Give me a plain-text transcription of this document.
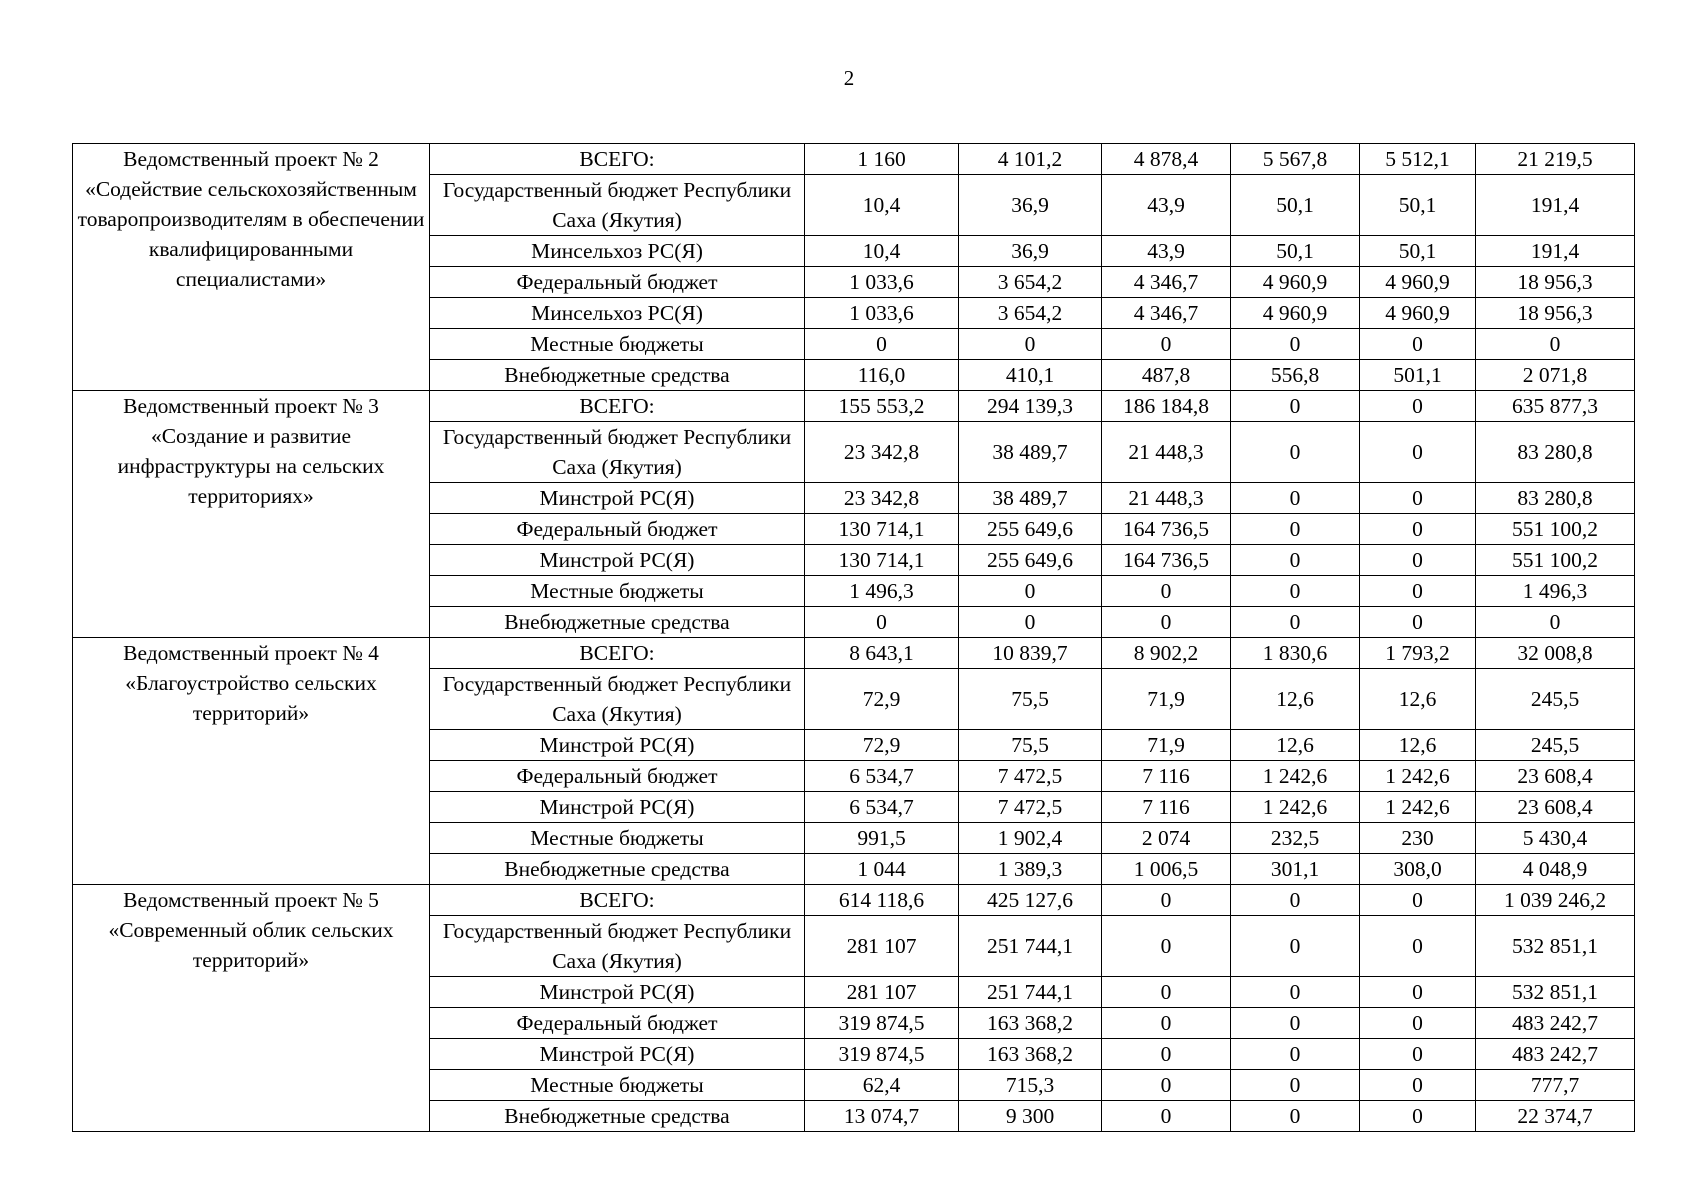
2
Ведомственный проект № 2 «Содействие сельскохозяйственным товаропроизводителям в обеспечении квалифицированными специалистами»	ВСЕГО:	1 160	4 101,2	4 878,4	5 567,8	5 512,1	21 219,5
	Государственный бюджет Республики Саха (Якутия)	10,4	36,9	43,9	50,1	50,1	191,4
	Минсельхоз РС(Я)	10,4	36,9	43,9	50,1	50,1	191,4
	Федеральный бюджет	1 033,6	3 654,2	4 346,7	4 960,9	4 960,9	18 956,3
	Минсельхоз РС(Я)	1 033,6	3 654,2	4 346,7	4 960,9	4 960,9	18 956,3
	Местные бюджеты	0	0	0	0	0	0
	Внебюджетные средства	116,0	410,1	487,8	556,8	501,1	2 071,8
Ведомственный проект № 3 «Создание и развитие инфраструктуры на сельских территориях»	ВСЕГО:	155 553,2	294 139,3	186 184,8	0	0	635 877,3
	Государственный бюджет Республики Саха (Якутия)	23 342,8	38 489,7	21 448,3	0	0	83 280,8
	Минстрой РС(Я)	23 342,8	38 489,7	21 448,3	0	0	83 280,8
	Федеральный бюджет	130 714,1	255 649,6	164 736,5	0	0	551 100,2
	Минстрой РС(Я)	130 714,1	255 649,6	164 736,5	0	0	551 100,2
	Местные бюджеты	1 496,3	0	0	0	0	1 496,3
	Внебюджетные средства	0	0	0	0	0	0
Ведомственный проект № 4 «Благоустройство сельских территорий»	ВСЕГО:	8 643,1	10 839,7	8 902,2	1 830,6	1 793,2	32 008,8
	Государственный бюджет Республики Саха (Якутия)	72,9	75,5	71,9	12,6	12,6	245,5
	Минстрой РС(Я)	72,9	75,5	71,9	12,6	12,6	245,5
	Федеральный бюджет	6 534,7	7 472,5	7 116	1 242,6	1 242,6	23 608,4
	Минстрой РС(Я)	6 534,7	7 472,5	7 116	1 242,6	1 242,6	23 608,4
	Местные бюджеты	991,5	1 902,4	2 074	232,5	230	5 430,4
	Внебюджетные средства	1 044	1 389,3	1 006,5	301,1	308,0	4 048,9
Ведомственный проект № 5 «Современный облик сельских территорий»	ВСЕГО:	614 118,6	425 127,6	0	0	0	1 039 246,2
	Государственный бюджет Республики Саха (Якутия)	281 107	251 744,1	0	0	0	532 851,1
	Минстрой РС(Я)	281 107	251 744,1	0	0	0	532 851,1
	Федеральный бюджет	319 874,5	163 368,2	0	0	0	483 242,7
	Минстрой РС(Я)	319 874,5	163 368,2	0	0	0	483 242,7
	Местные бюджеты	62,4	715,3	0	0	0	777,7
	Внебюджетные средства	13 074,7	9 300	0	0	0	22 374,7
